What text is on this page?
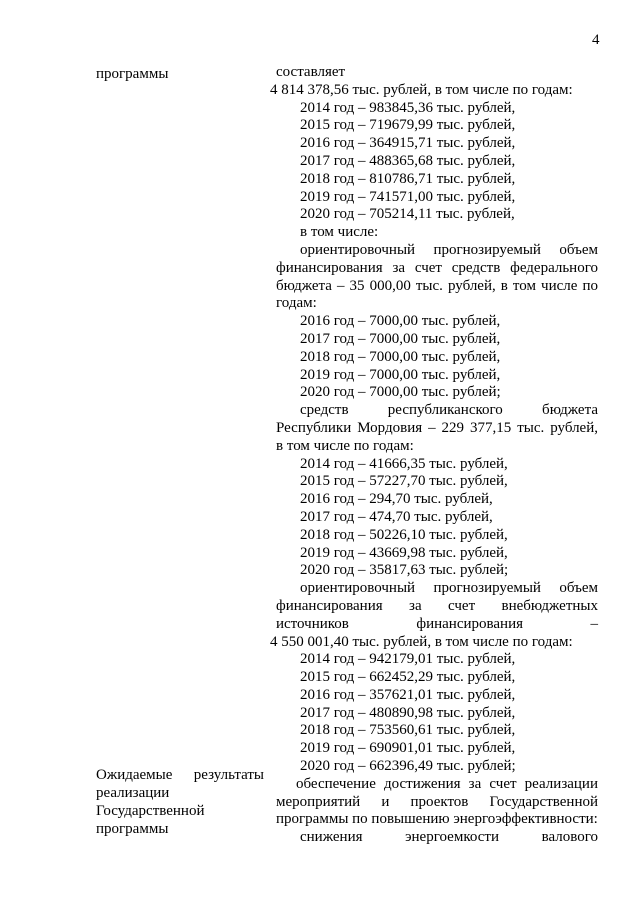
4
программы
Ожидаемые результаты
реализации
Государственной
программы
составляет
4 814 378,56 тыс. рублей, в том числе по годам:
2014 год – 983845,36 тыс. рублей,
2015 год – 719679,99 тыс. рублей,
2016 год – 364915,71 тыс. рублей,
2017 год – 488365,68 тыс. рублей,
2018 год – 810786,71 тыс. рублей,
2019 год – 741571,00 тыс. рублей,
2020 год – 705214,11 тыс. рублей,
в том числе:
ориентировочный прогнозируемый объем
финансирования за счет средств федерального
бюджета – 35 000,00 тыс. рублей, в том числе по
годам:
2016 год – 7000,00 тыс. рублей,
2017 год – 7000,00 тыс. рублей,
2018 год – 7000,00 тыс. рублей,
2019 год – 7000,00 тыс. рублей,
2020 год – 7000,00 тыс. рублей;
средств республиканского бюджета
Республики Мордовия – 229 377,15 тыс. рублей,
в том числе по годам:
2014 год – 41666,35 тыс. рублей,
2015 год – 57227,70 тыс. рублей,
2016 год – 294,70 тыс. рублей,
2017 год – 474,70 тыс. рублей,
2018 год – 50226,10 тыс. рублей,
2019 год – 43669,98 тыс. рублей,
2020 год – 35817,63 тыс. рублей;
ориентировочный прогнозируемый объем
финансирования за счет внебюджетных
источников финансирования –
4 550 001,40 тыс. рублей, в том числе по годам:
2014 год – 942179,01 тыс. рублей,
2015 год – 662452,29 тыс. рублей,
2016 год – 357621,01 тыс. рублей,
2017 год – 480890,98 тыс. рублей,
2018 год – 753560,61 тыс. рублей,
2019 год – 690901,01 тыс. рублей,
2020 год – 662396,49 тыс. рублей;
обеспечение достижения за счет реализации
мероприятий и проектов Государственной
программы по повышению энергоэффективности:
снижения энергоемкости валового
